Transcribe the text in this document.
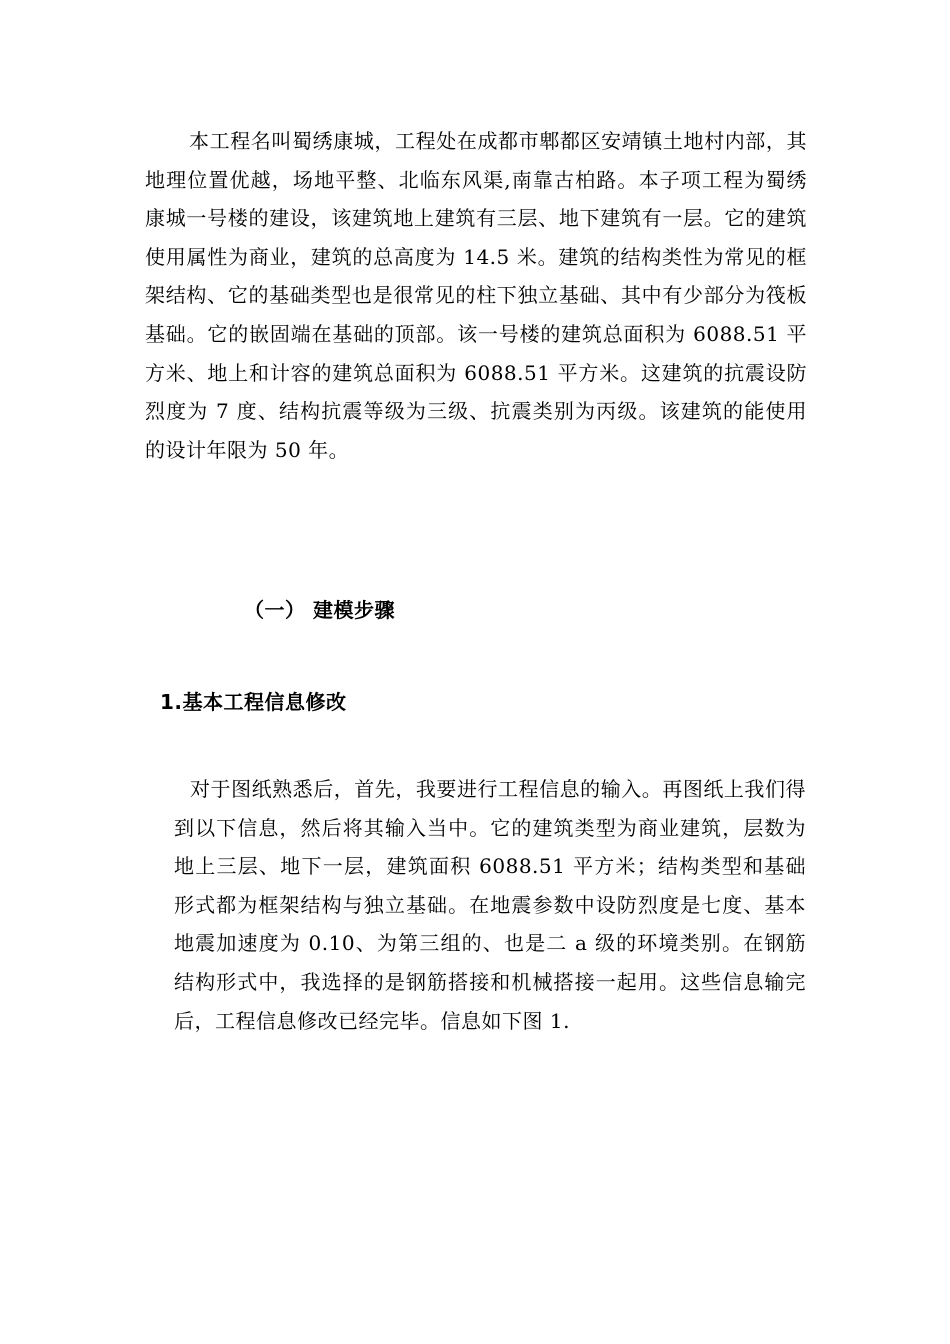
本工程名叫蜀绣康城，工程处在成都市郫都区安靖镇土地村内部，其地理位置优越，场地平整、北临东风渠,南靠古柏路。本子项工程为蜀绣康城一号楼的建设，该建筑地上建筑有三层、地下建筑有一层。它的建筑使用属性为商业，建筑的总高度为 14.5 米。建筑的结构类性为常见的框架结构、它的基础类型也是很常见的柱下独立基础、其中有少部分为筏板基础。它的嵌固端在基础的顶部。该一号楼的建筑总面积为 6088.51 平方米、地上和计容的建筑总面积为 6088.51 平方米。这建筑的抗震设防烈度为 7 度、结构抗震等级为三级、抗震类别为丙级。该建筑的能使用的设计年限为 50 年。

（一） 建模步骤
1.基本工程信息修改

对于图纸熟悉后，首先，我要进行工程信息的输入。再图纸上我们得到以下信息，然后将其输入当中。它的建筑类型为商业建筑，层数为地上三层、地下一层，建筑面积 6088.51 平方米；结构类型和基础形式都为框架结构与独立基础。在地震参数中设防烈度是七度、基本地震加速度为 0.10、为第三组的、也是二 a 级的环境类别。在钢筋结构形式中，我选择的是钢筋搭接和机械搭接一起用。这些信息输完后，工程信息修改已经完毕。信息如下图 1.
